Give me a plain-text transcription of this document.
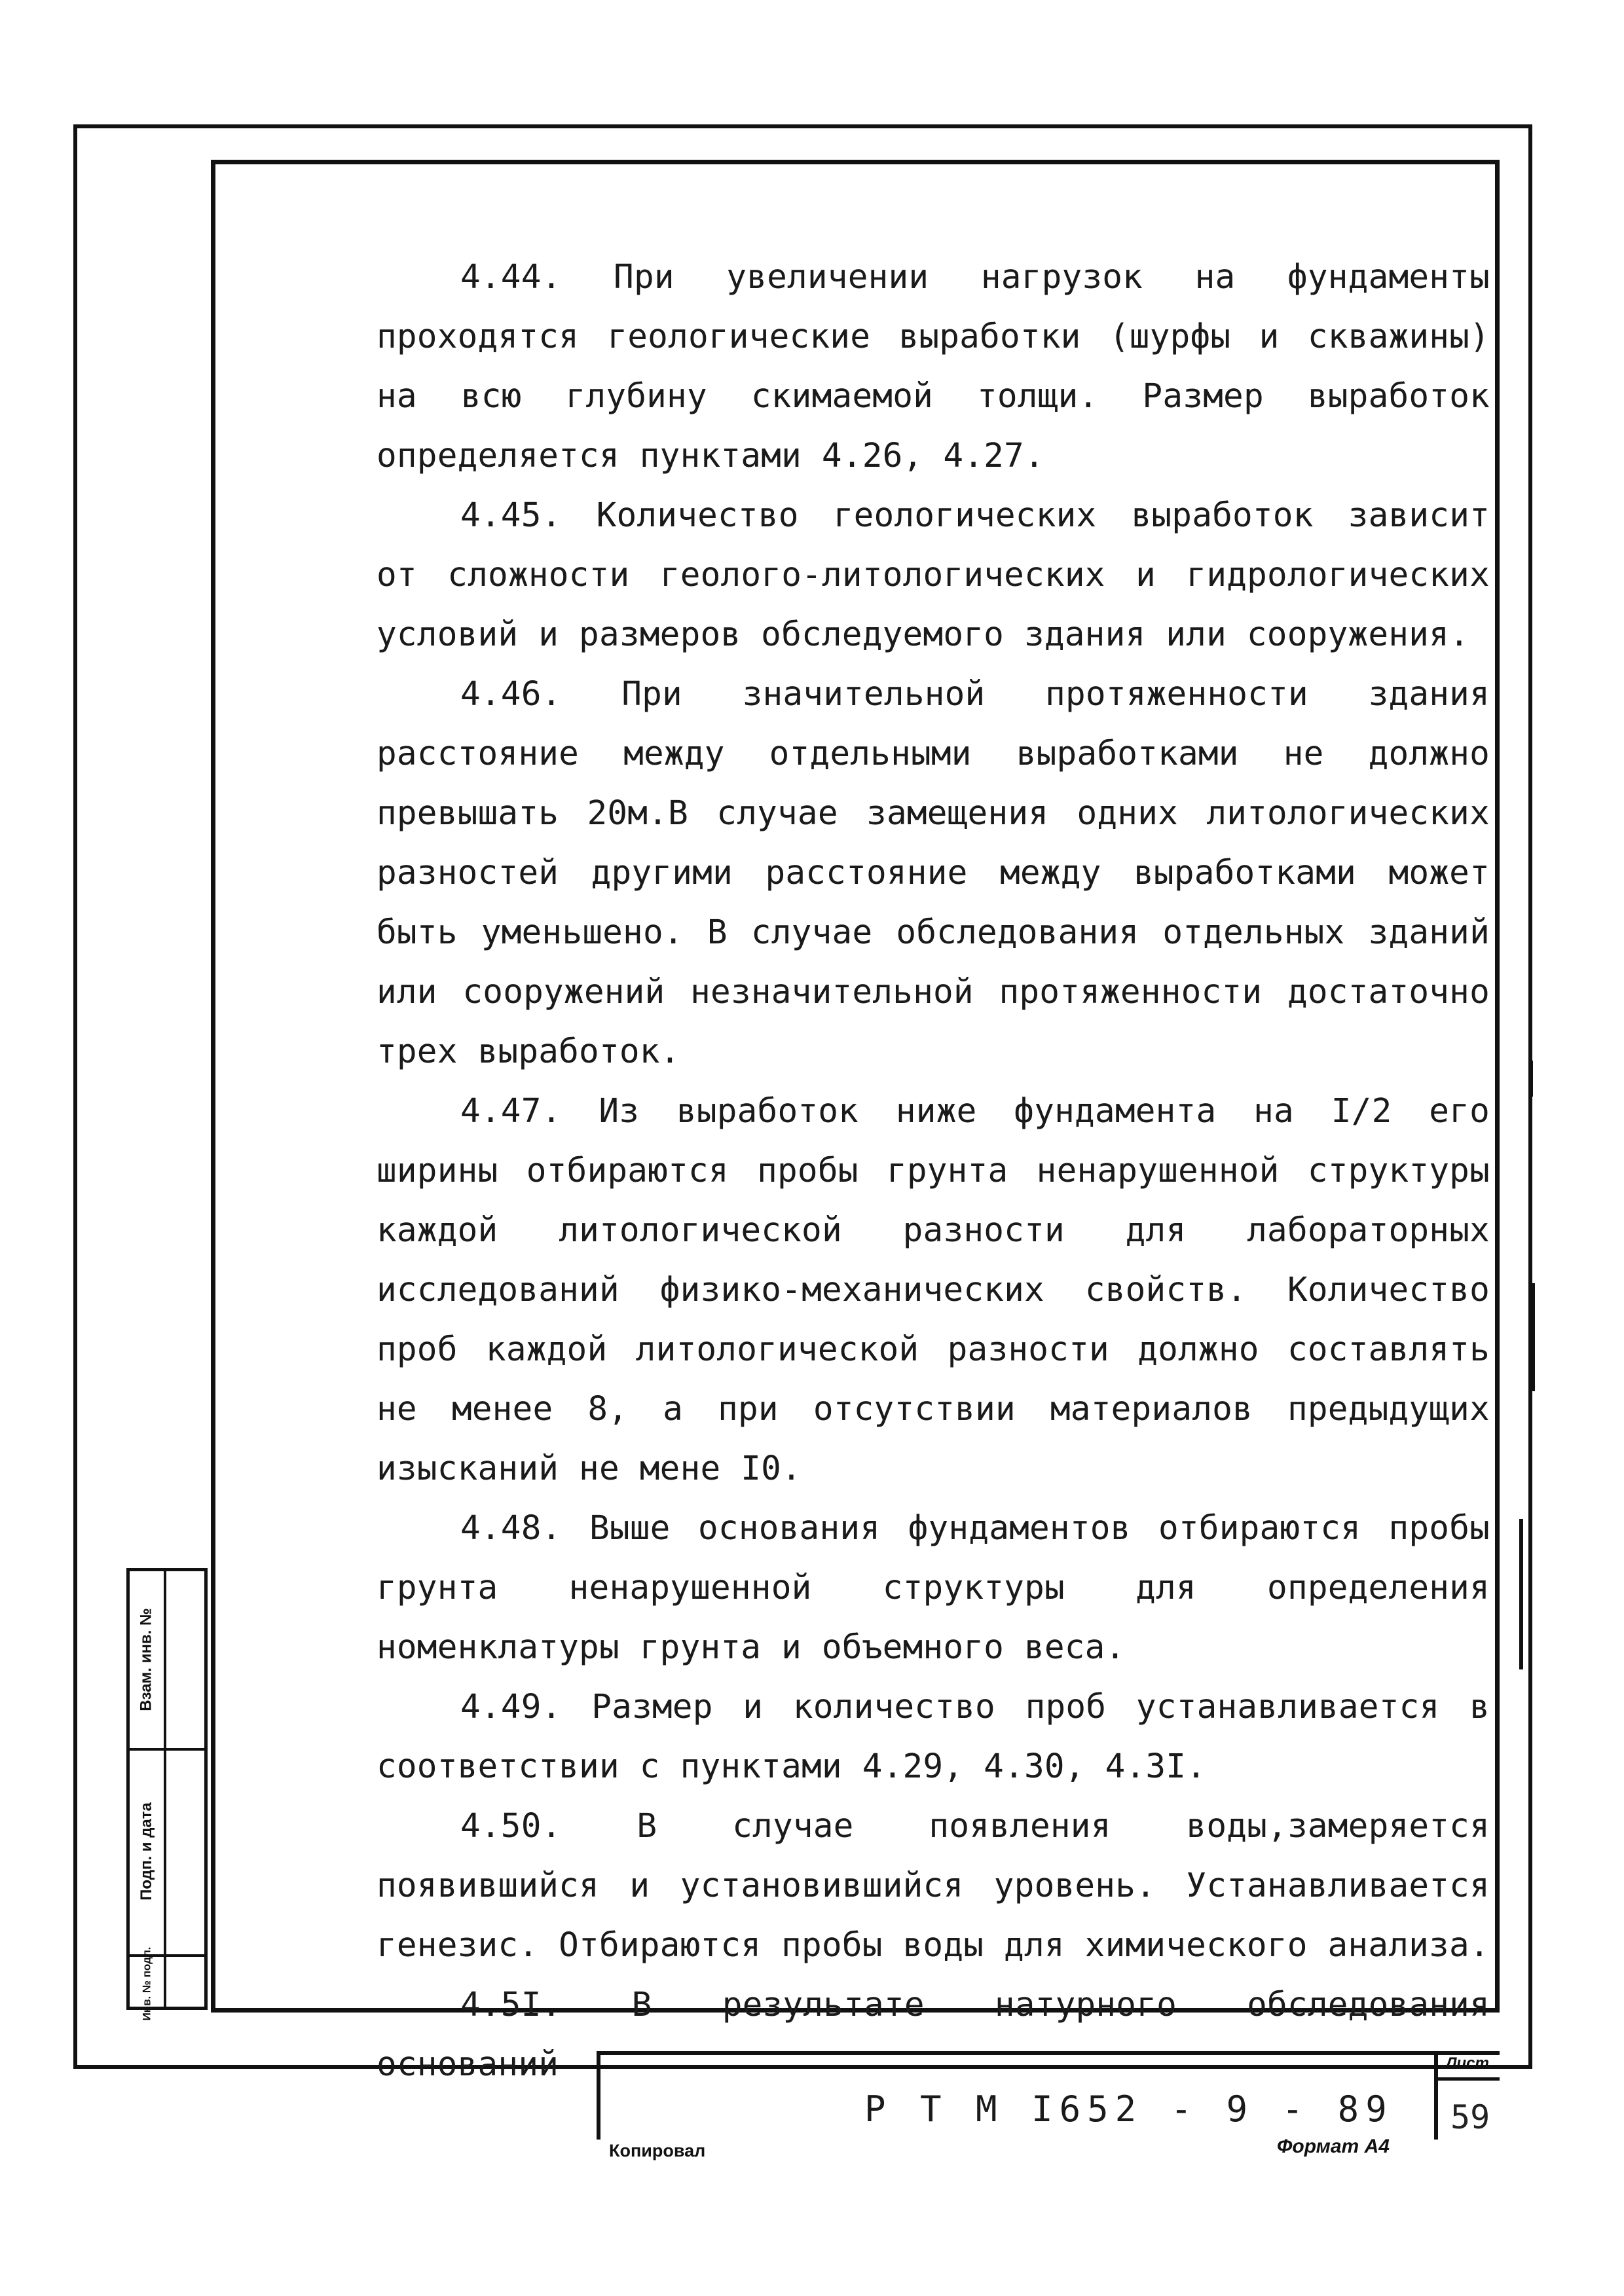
4.44. При увеличении нагрузок на фундаменты проходятся геологические выработки (шурфы и скважины) на всю глубину скимаемой толщи. Размер выработок определяется пунктами 4.26, 4.27.

4.45. Количество геологических выработок зависит от сложности геолого-литологических и гидрологических условий и размеров обследуемого здания или сооружения.

4.46. При значительной протяженности здания расстояние между отдельными выработками не должно превышать 20м.В случае замещения одних литологических разностей другими расстояние между выработками может быть уменьшено. В случае обследования отдельных зданий или сооружений незначительной протяженности достаточно трех выработок.

4.47. Из выработок ниже фундамента на I/2 его ширины отбираются пробы грунта ненарушенной структуры каждой литологической разности для лабораторных исследований физико-механических свойств. Количество проб каждой литологической разности должно составлять не менее 8, а при отсутствии материалов предыдущих изысканий не мене I0.

4.48. Выше основания фундаментов отбираются пробы грунта ненарушенной структуры для определения номенклатуры грунта и объемного веса.

4.49. Размер и количество проб устанавливается в соответствии с пунктами 4.29, 4.30, 4.3I.

4.50. В случае появления воды,замеряется появившийся и установившийся уровень. Устанавливается генезис. Отбираются пробы воды для химического анализа.

4.5I. В результате натурного обследования оснований

Взам. инв. №
Подп. и дата
Инв. № подл.
Р Т М I652 - 9 - 89
Лист
59
Копировал	Формат А4
